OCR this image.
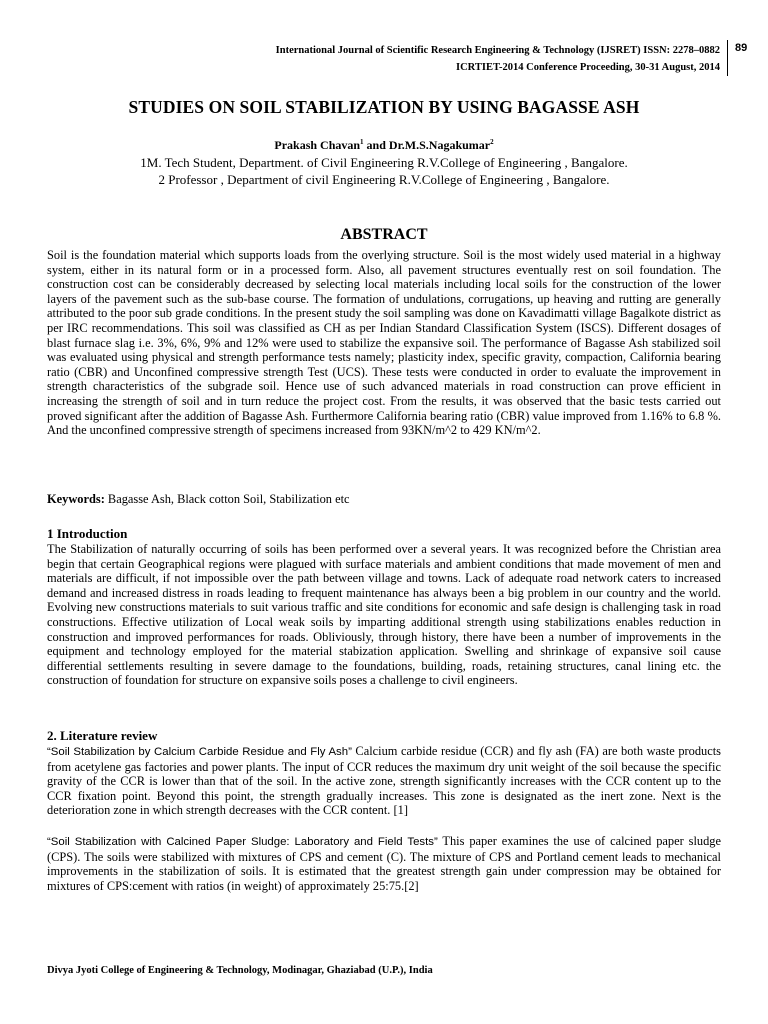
International Journal of Scientific Research Engineering & Technology (IJSRET) ISSN: 2278–0882
ICRTIET-2014 Conference Proceeding, 30-31 August, 2014
89
STUDIES ON SOIL STABILIZATION BY USING BAGASSE ASH
Prakash Chavan$^1$ and Dr.M.S.Nagakumar$^2$
1M. Tech Student, Department. of Civil Engineering R.V.College of Engineering , Bangalore.
2 Professor , Department of civil Engineering R.V.College of Engineering , Bangalore.
ABSTRACT
Soil is the foundation material which supports loads from the overlying structure. Soil is the most widely used material in a highway system, either in its natural form or in a processed form. Also, all pavement structures eventually rest on soil foundation. The construction cost can be considerably decreased by selecting local materials including local soils for the construction of the lower layers of the pavement such as the sub-base course. The formation of undulations, corrugations, up heaving and rutting are generally attributed to the poor sub grade conditions. In the present study the soil sampling was done on Kavadimatti village Bagalkote district as per IRC recommendations. This soil was classified as CH as per Indian Standard Classification System (ISCS). Different dosages of blast furnace slag i.e. 3%, 6%, 9% and 12% were used to stabilize the expansive soil. The performance of Bagasse Ash stabilized soil was evaluated using physical and strength performance tests namely; plasticity index, specific gravity, compaction, California bearing ratio (CBR) and Unconfined compressive strength Test (UCS). These tests were conducted in order to evaluate the improvement in strength characteristics of the subgrade soil. Hence use of such advanced materials in road construction can prove efficient in increasing the strength of soil and in turn reduce the project cost. From the results, it was observed that the basic tests carried out proved significant after the addition of Bagasse Ash. Furthermore California bearing ratio (CBR) value improved from 1.16% to 6.8 %. And the unconfined compressive strength of specimens increased from 93KN/m^2 to 429 KN/m^2.
Keywords: Bagasse Ash, Black cotton Soil, Stabilization etc
1 Introduction
The Stabilization of naturally occurring of soils has been performed over a several years. It was recognized before the Christian area begin that certain Geographical regions were plagued with surface materials and ambient conditions that made movement of men and materials are difficult, if not impossible over the path between village and towns. Lack of adequate road network caters to increased demand and increased distress in roads leading to frequent maintenance has always been a big problem in our country and the world. Evolving new constructions materials to suit various traffic and site conditions for economic and safe design is challenging task in road constructions. Effective utilization of Local weak soils by imparting additional strength using stabilizations enables reduction in construction and improved performances for roads. Obliviously, through history, there have been a number of improvements in the equipment and technology employed for the material stabization application. Swelling and shrinkage of expansive soil cause differential settlements resulting in severe damage to the foundations, building, roads, retaining structures, canal lining etc. the construction of foundation for structure on expansive soils poses a challenge to civil engineers.
2. Literature review
“Soil Stabilization by Calcium Carbide Residue and Fly Ash” Calcium carbide residue (CCR) and fly ash (FA) are both waste products from acetylene gas factories and power plants. The input of CCR reduces the maximum dry unit weight of the soil because the specific gravity of the CCR is lower than that of the soil. In the active zone, strength significantly increases with the CCR content up to the CCR fixation point. Beyond this point, the strength gradually increases. This zone is designated as the inert zone. Next is the deterioration zone in which strength decreases with the CCR content. [1]
“Soil Stabilization with Calcined Paper Sludge: Laboratory and Field Tests” This paper examines the use of calcined paper sludge (CPS). The soils were stabilized with mixtures of CPS and cement (C). The mixture of CPS and Portland cement leads to mechanical improvements in the stabilization of soils. It is estimated that the greatest strength gain under compression may be obtained for mixtures of CPS:cement with ratios (in weight) of approximately 25:75.[2]
Divya Jyoti College of Engineering & Technology, Modinagar, Ghaziabad (U.P.), India
